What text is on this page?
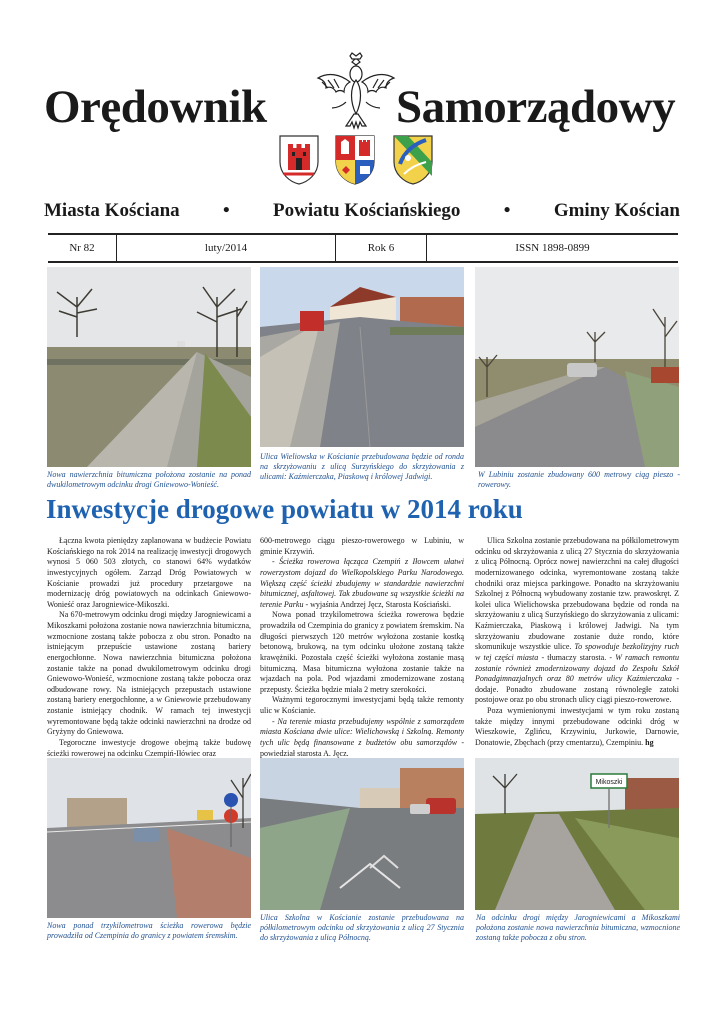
Orędownik	Samorządowy
Miasta Kościana • Powiatu Kościańskiego • Gminy Kościan
Nr 82	luty/2014	Rok 6	ISSN 1898-0899
Nowa nawierzchnia bitumiczna położona zostanie na ponad dwukilometrowym odcinku drogi Gniewowo-Wonieść.
Ulica Wieliowska w Kościanie przebudowana będzie od ronda na skrzyżowaniu z ulicą Surzyńskiego do skrzyżowania z ulicami: Kaźmierczaka, Piaskową i królowej Jadwigi.	W Lubiniu zostanie zbudowany 600 metrowy ciąg pieszo - rowerowy.
Inwestycje drogowe powiatu w 2014 roku

Łączna kwota pieniędzy zaplanowana w budżecie Powiatu Kościańskiego na rok 2014 na realizację inwestycji drogowych wynosi 5 060 503 złotych, co stanowi 64% wydatków inwestycyjnych ogółem. Zarząd Dróg Powiatowych w Kościanie prowadzi już procedury przetargowe na modernizację dróg powiatowych na odcinkach Gniewowo-Wonieść oraz Jarogniewice-Mikoszki.

Na 670-metrowym odcinku drogi między Jarogniewicami a Mikoszkami położona zostanie nowa nawierzchnia bitumiczna, wzmocnione zostaną także pobocza z obu stron. Ponadto na istniejącym przepuście ustawione zostaną bariery energochłonne. Nowa nawierzchnia bitumiczna położona zostanie także na ponad dwukilometrowym odcinku drogi Gniewowo-Wonieść, wzmocnione zostaną także pobocza oraz odbudowane rowy. Na istniejących przepustach ustawione zostaną bariery energochłonne, a w Gniewowie przebudowany zostanie istniejący chodnik. W ramach tej inwestycji wyremontowane będą także odcinki nawierzchni na drodze od Gryżyny do Gniewowa.

Tegoroczne inwestycje drogowe obejmą także budowę ścieżki rowerowej na odcinku Czempiń-Iłówiec oraz

600-metrowego ciągu pieszo-rowerowego w Lubiniu, w gminie Krzywiń.

- Ścieżka rowerowa łącząca Czempiń z Iłowcem ułatwi rowerzystom dojazd do Wielkopolskiego Parku Narodowego. Większą część ścieżki zbudujemy w standardzie nawierzchni bitumicznej, asfaltowej. Tak zbudowane są wszystkie ścieżki na terenie Parku - wyjaśnia Andrzej Jęcz, Starosta Kościański.

Nowa ponad trzykilometrowa ścieżka rowerowa będzie prowadziła od Czempinia do granicy z powiatem śremskim. Na długości pierwszych 120 metrów wyłożona zostanie kostką betonową, brukową, na tym odcinku ułożone zostaną także krawężniki. Pozostała część ścieżki wyłożona zostanie masą bitumiczną. Masa bitumiczna wyłożona zostanie także na wjazdach na pola. Pod wjazdami zmodernizowane zostaną przepusty. Ścieżka będzie miała 2 metry szerokości.

Ważnymi tegorocznymi inwestycjami będą także remonty ulic w Kościanie.

- Na terenie miasta przebudujemy wspólnie z samorządem miasta Kościana dwie ulice: Wielichowską i Szkolną. Remonty tych ulic będą finansowane z budżetów obu samorządów - powiedział starosta A. Jęcz.

Ulica Szkolna zostanie przebudowana na półkilometrowym odcinku od skrzyżowania z ulicą 27 Stycznia do skrzyżowania z ulicą Północną. Oprócz nowej nawierzchni na całej długości modernizowanego odcinka, wyremontowane zostaną także chodniki oraz miejsca parkingowe. Ponadto na skrzyżowaniu Szkolnej z Północną wybudowany zostanie tzw. prawoskręt. Z kolei ulica Wielichowska przebudowana będzie od ronda na skrzyżowaniu z ulicą Surzyńskiego do skrzyżowania z ulicami: Kaźmierczaka, Piaskową i królowej Jadwigi. Na tym skrzyżowaniu zbudowane zostanie duże rondo, które skomunikuje wszystkie ulice. To spowoduje bezkolizyjny ruch w tej części miasta - tłumaczy starosta. - W ramach remontu zostanie również zmodernizowany dojazd do Zespołu Szkół Ponadgimnazjalnych oraz 80 metrów ulicy Kaźmierczaka - dodaje. Ponadto zbudowane zostaną równoległe zatoki postojowe oraz po obu stronach ulicy ciągi pieszo-rowerowe.

Poza wymienionymi inwestycjami w tym roku zostaną także między innymi przebudowane odcinki dróg w Wieszkowie, Zglińcu, Krzywiniu, Jurkowie, Darnowie, Donatowie, Zbęchach (przy cmentarzu), Czempiniu. hg

Nowa ponad trzykilometrowa ścieżka rowerowa będzie prowadziła od Czempinia do granicy z powiatem śremskim.
Ulica Szkolna w Kościanie zostanie przebudowana na półkilometrowym odcinku od skrzyżowania z ulicą 27 Stycznia do skrzyżowania z ulicą Północną.
Mikoszki
Na odcinku drogi między Jarogniewicami a Mikoszkami położona zostanie nowa nawierzchnia bitumiczna, wzmocnione zostaną także pobocza z obu stron.
